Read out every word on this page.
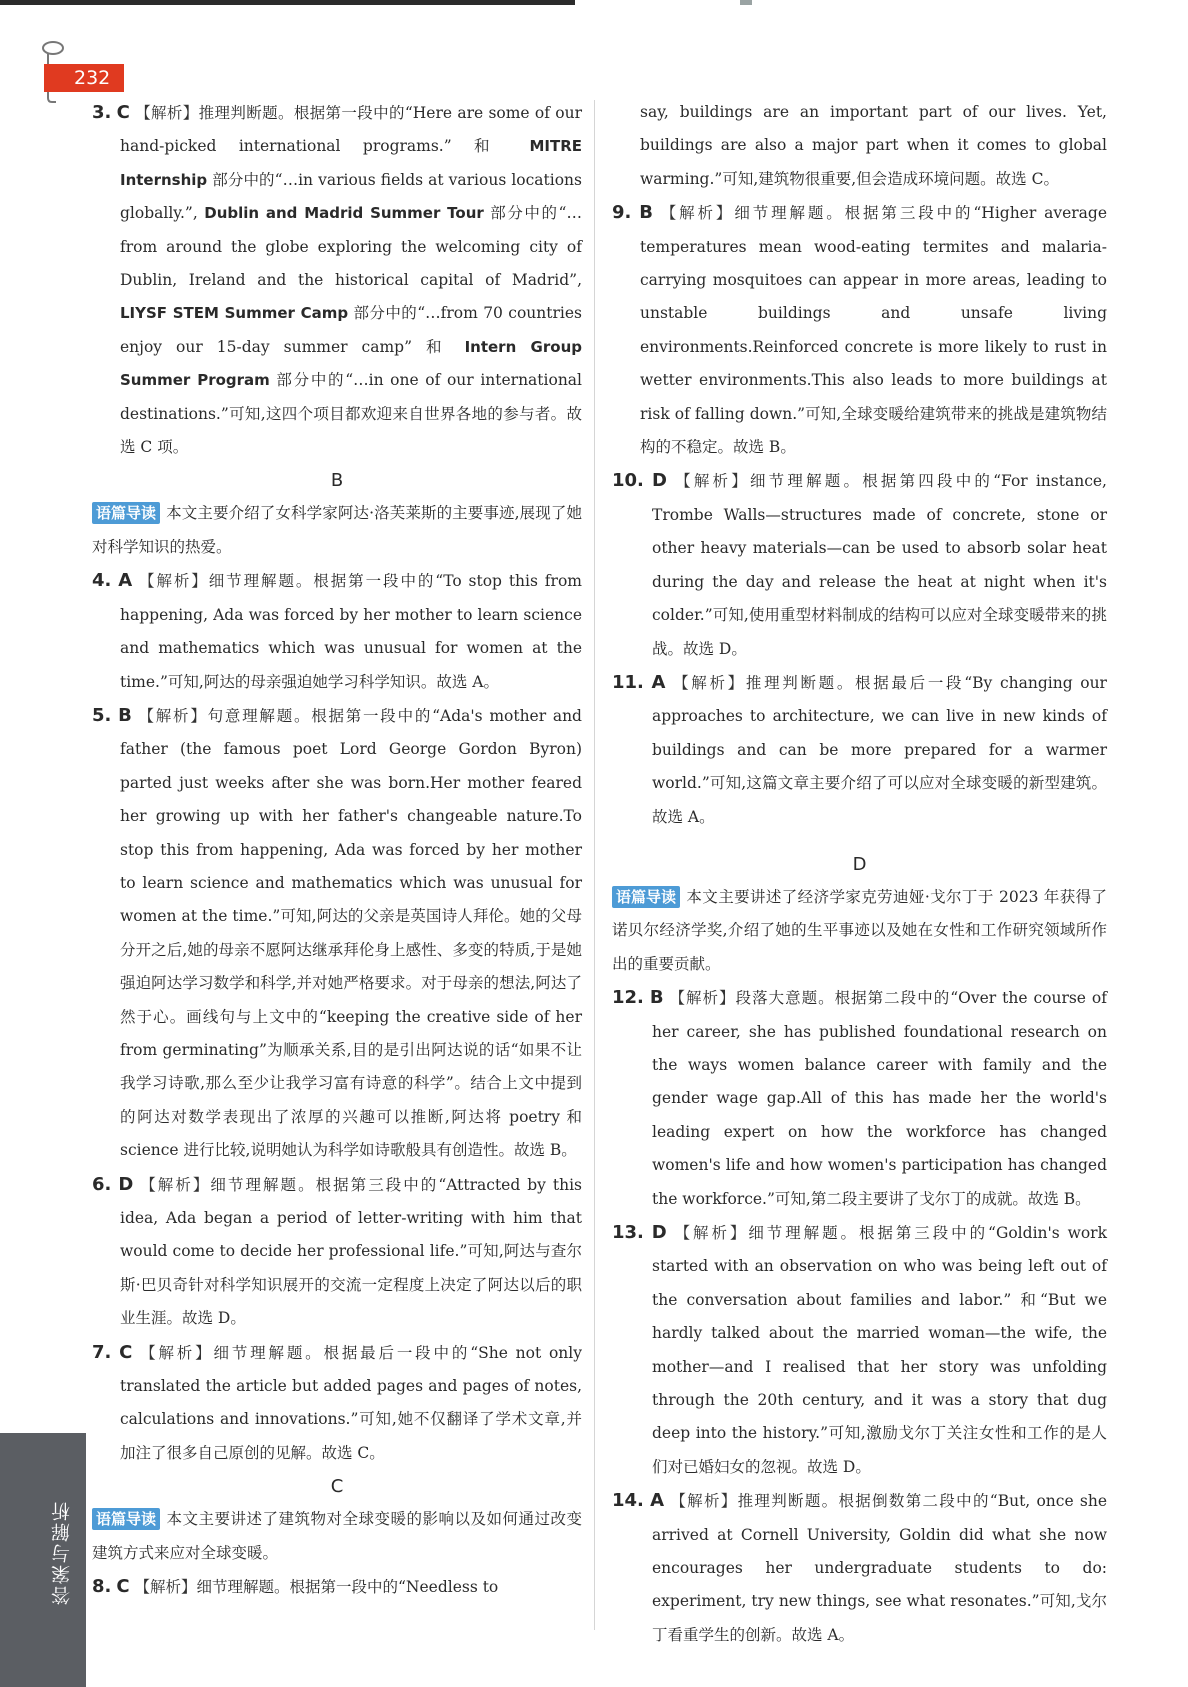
232
答案与解析

3. C 【解析】推理判断题。根据第一段中的“Here are some of our hand-picked international programs.” 和 MITRE Internship 部分中的“…in various fields at various locations globally.”, Dublin and Madrid Summer Tour 部分中的“…from around the globe exploring the welcoming city of Dublin, Ireland and the historical capital of Madrid”, LIYSF STEM Summer Camp 部分中的“…from 70 countries enjoy our 15-day summer camp” 和 Intern Group Summer Program 部分中的“…in one of our international destinations.”可知,这四个项目都欢迎来自世界各地的参与者。故选 C 项。

B

语篇导读 本文主要介绍了女科学家阿达·洛芙莱斯的主要事迹,展现了她对科学知识的热爱。

4. A 【解析】细节理解题。根据第一段中的“To stop this from happening, Ada was forced by her mother to learn science and mathematics which was unusual for women at the time.”可知,阿达的母亲强迫她学习科学知识。故选 A。

5. B 【解析】句意理解题。根据第一段中的“Ada's mother and father (the famous poet Lord George Gordon Byron) parted just weeks after she was born.Her mother feared her growing up with her father's changeable nature.To stop this from happening, Ada was forced by her mother to learn science and mathematics which was unusual for women at the time.”可知,阿达的父亲是英国诗人拜伦。她的父母分开之后,她的母亲不愿阿达继承拜伦身上感性、多变的特质,于是她强迫阿达学习数学和科学,并对她严格要求。对于母亲的想法,阿达了然于心。画线句与上文中的“keeping the creative side of her from germinating”为顺承关系,目的是引出阿达说的话“如果不让我学习诗歌,那么至少让我学习富有诗意的科学”。结合上文中提到的阿达对数学表现出了浓厚的兴趣可以推断,阿达将 poetry 和 science 进行比较,说明她认为科学如诗歌般具有创造性。故选 B。

6. D 【解析】细节理解题。根据第三段中的“Attracted by this idea, Ada began a period of letter-writing with him that would come to decide her professional life.”可知,阿达与查尔斯·巴贝奇针对科学知识展开的交流一定程度上决定了阿达以后的职业生涯。故选 D。

7. C 【解析】细节理解题。根据最后一段中的“She not only translated the article but added pages and pages of notes, calculations and innovations.”可知,她不仅翻译了学术文章,并加注了很多自己原创的见解。故选 C。

C

语篇导读 本文主要讲述了建筑物对全球变暖的影响以及如何通过改变建筑方式来应对全球变暖。

8. C 【解析】细节理解题。根据第一段中的“Needless to

say, buildings are an important part of our lives. Yet, buildings are also a major part when it comes to global warming.”可知,建筑物很重要,但会造成环境问题。故选 C。

9. B 【解析】细节理解题。根据第三段中的“Higher average temperatures mean wood-eating termites and malaria-carrying mosquitoes can appear in more areas, leading to unstable buildings and unsafe living environments.Reinforced concrete is more likely to rust in wetter environments.This also leads to more buildings at risk of falling down.”可知,全球变暖给建筑带来的挑战是建筑物结构的不稳定。故选 B。

10. D 【解析】细节理解题。根据第四段中的“For instance, Trombe Walls—structures made of concrete, stone or other heavy materials—can be used to absorb solar heat during the day and release the heat at night when it's colder.”可知,使用重型材料制成的结构可以应对全球变暖带来的挑战。故选 D。

11. A 【解析】推理判断题。根据最后一段“By changing our approaches to architecture, we can live in new kinds of buildings and can be more prepared for a warmer world.”可知,这篇文章主要介绍了可以应对全球变暖的新型建筑。故选 A。

D

语篇导读 本文主要讲述了经济学家克劳迪娅·戈尔丁于 2023 年获得了诺贝尔经济学奖,介绍了她的生平事迹以及她在女性和工作研究领域所作出的重要贡献。

12. B 【解析】段落大意题。根据第二段中的“Over the course of her career, she has published foundational research on the ways women balance career with family and the gender wage gap.All of this has made her the world's leading expert on how the workforce has changed women's life and how women's participation has changed the workforce.”可知,第二段主要讲了戈尔丁的成就。故选 B。

13. D 【解析】细节理解题。根据第三段中的“Goldin's work started with an observation on who was being left out of the conversation about families and labor.” 和“But we hardly talked about the married woman—the wife, the mother—and I realised that her story was unfolding through the 20th century, and it was a story that dug deep into the history.”可知,激励戈尔丁关注女性和工作的是人们对已婚妇女的忽视。故选 D。

14. A 【解析】推理判断题。根据倒数第二段中的“But, once she arrived at Cornell University, Goldin did what she now encourages her undergraduate students to do: experiment, try new things, see what resonates.”可知,戈尔丁看重学生的创新。故选 A。
